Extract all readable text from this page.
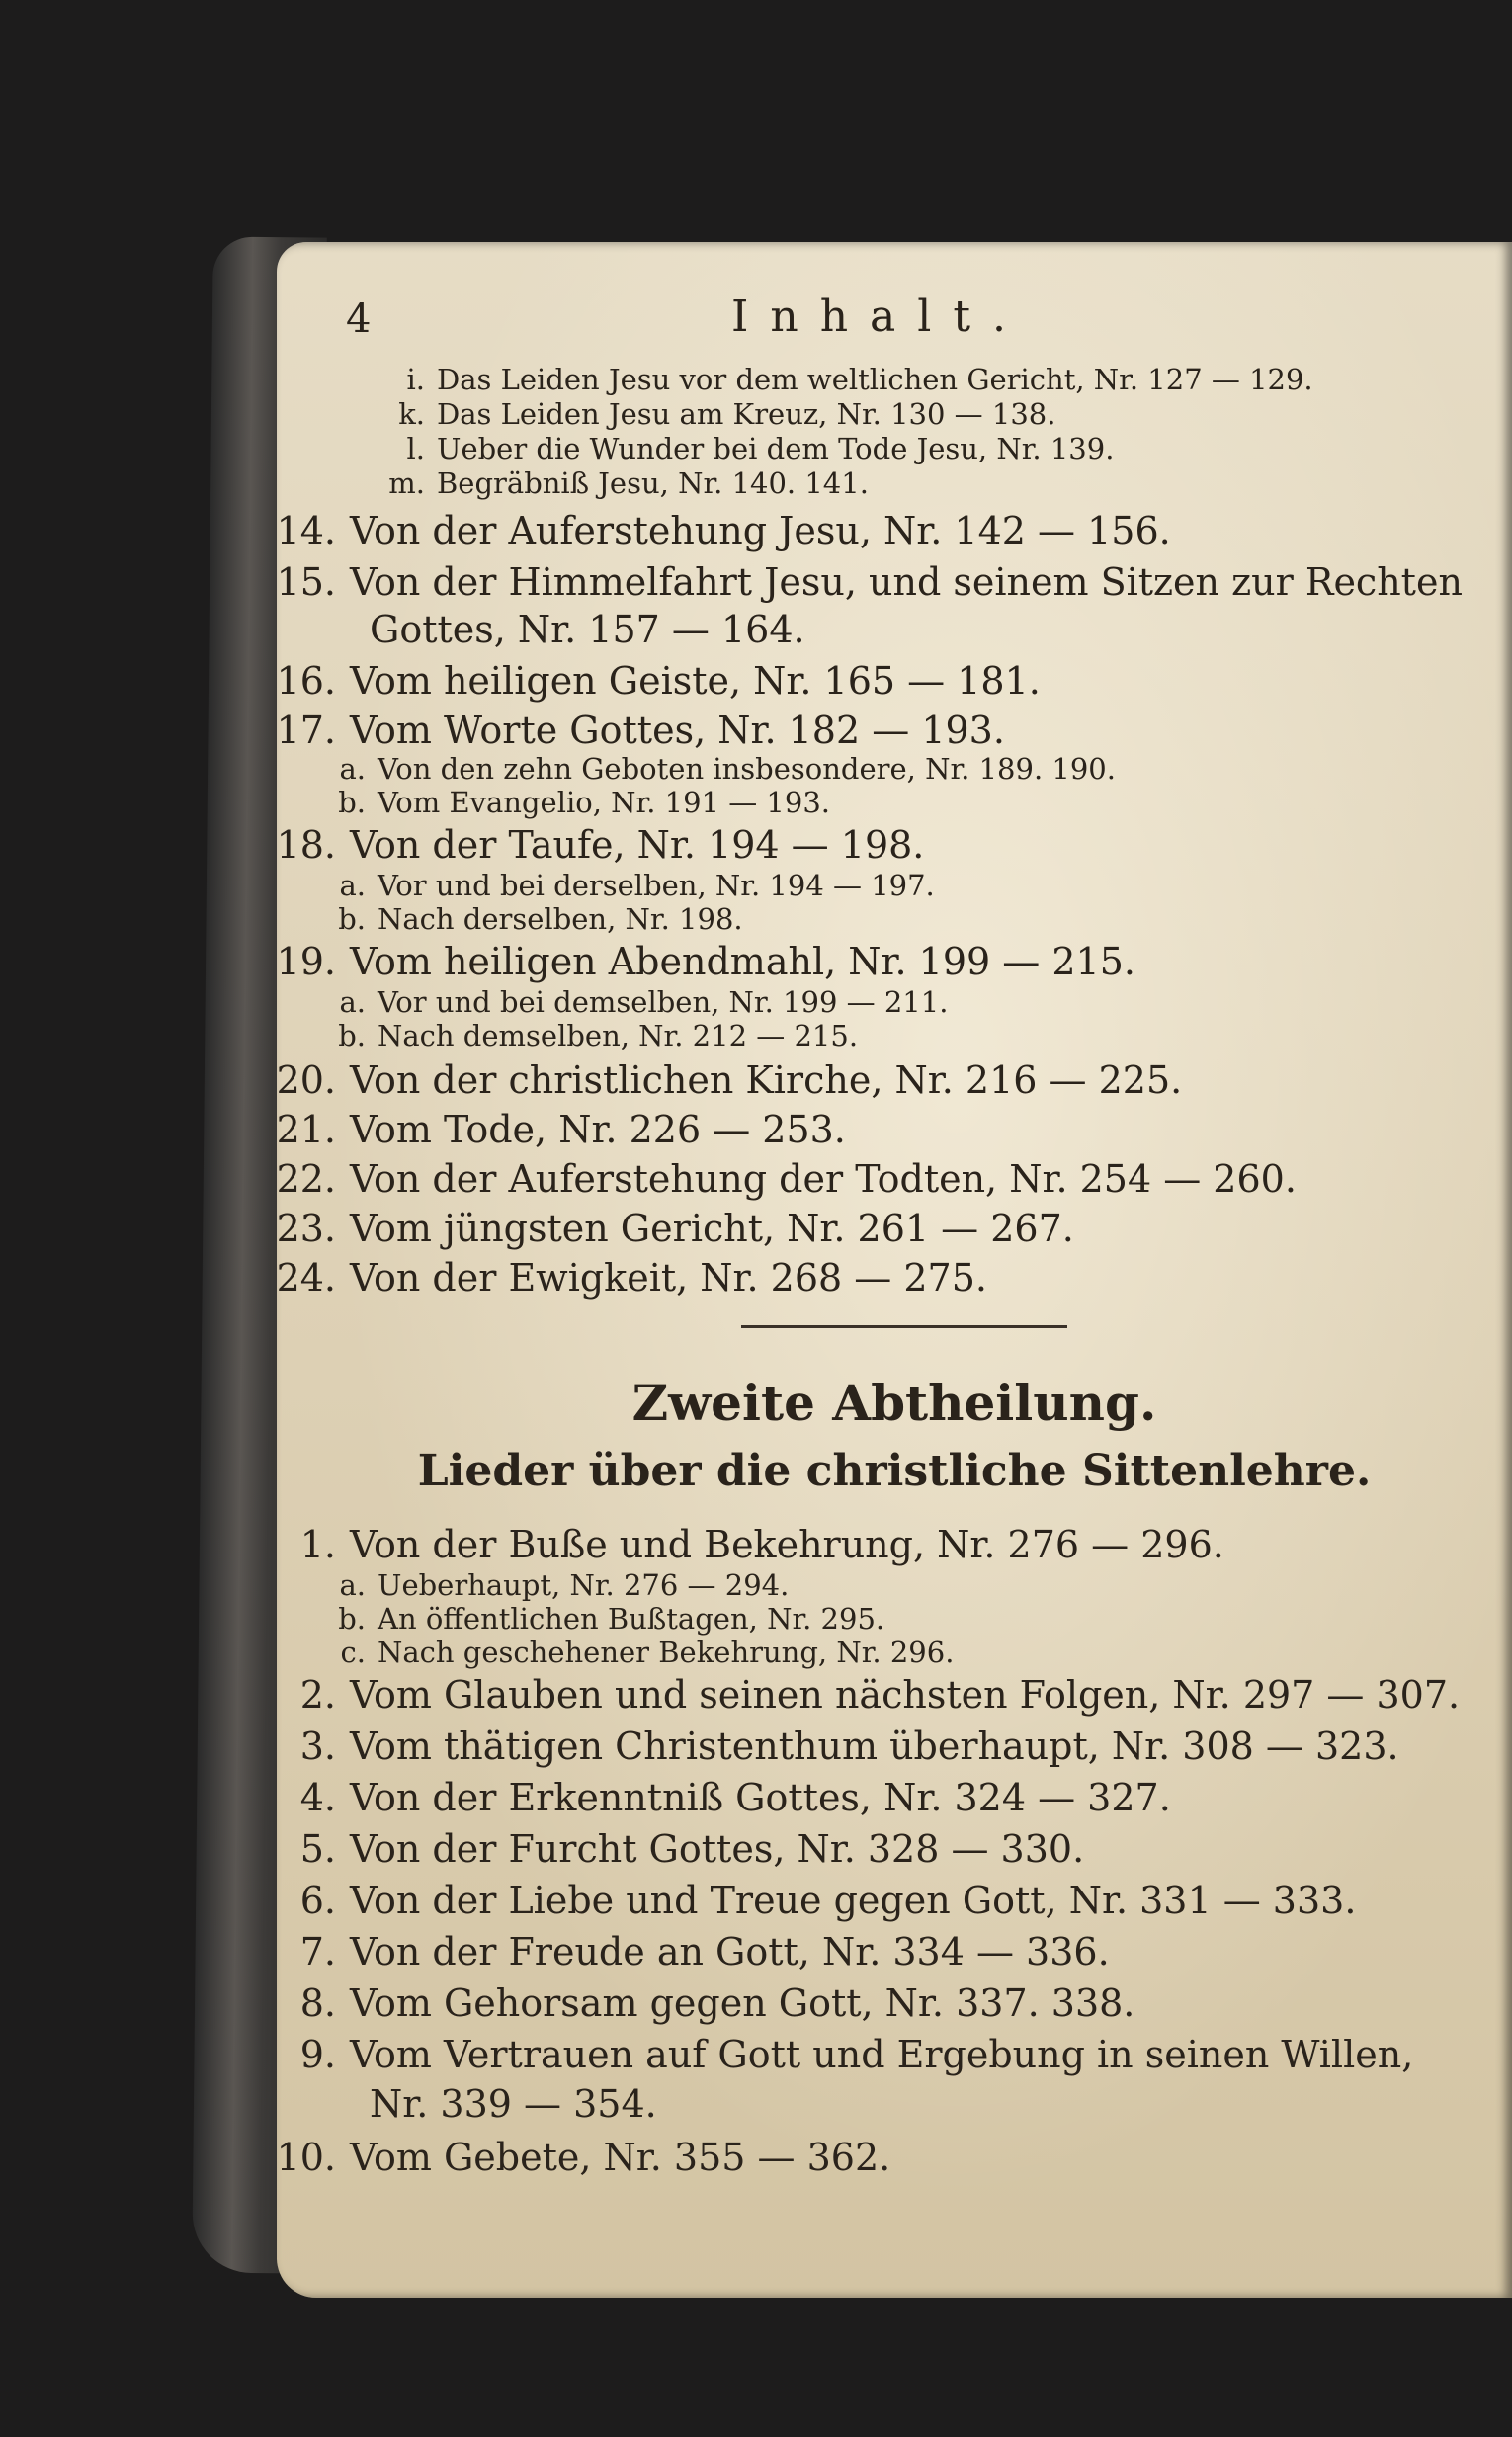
4	Inhalt.
i. Das Leiden Jesu vor dem weltlichen Gericht, Nr. 127 — 129.
k. Das Leiden Jesu am Kreuz, Nr. 130 — 138.
l. Ueber die Wunder bei dem Tode Jesu, Nr. 139.
m. Begräbniß Jesu, Nr. 140. 141.
14. Von der Auferstehung Jesu, Nr. 142 — 156.
15. Von der Himmelfahrt Jesu, und seinem Sitzen zur Rechten
Gottes, Nr. 157 — 164.
16. Vom heiligen Geiste, Nr. 165 — 181.
17. Vom Worte Gottes, Nr. 182 — 193.
a. Von den zehn Geboten insbesondere, Nr. 189. 190.
b. Vom Evangelio, Nr. 191 — 193.
18. Von der Taufe, Nr. 194 — 198.
a. Vor und bei derselben, Nr. 194 — 197.
b. Nach derselben, Nr. 198.
19. Vom heiligen Abendmahl, Nr. 199 — 215.
a. Vor und bei demselben, Nr. 199 — 211.
b. Nach demselben, Nr. 212 — 215.
20. Von der christlichen Kirche, Nr. 216 — 225.
21. Vom Tode, Nr. 226 — 253.
22. Von der Auferstehung der Todten, Nr. 254 — 260.
23. Vom jüngsten Gericht, Nr. 261 — 267.
24. Von der Ewigkeit, Nr. 268 — 275.
Zweite Abtheilung.
Lieder über die christliche Sittenlehre.
1. Von der Buße und Bekehrung, Nr. 276 — 296.
a. Ueberhaupt, Nr. 276 — 294.
b. An öffentlichen Bußtagen, Nr. 295.
c. Nach geschehener Bekehrung, Nr. 296.
2. Vom Glauben und seinen nächsten Folgen, Nr. 297 — 307.
3. Vom thätigen Christenthum überhaupt, Nr. 308 — 323.
4. Von der Erkenntniß Gottes, Nr. 324 — 327.
5. Von der Furcht Gottes, Nr. 328 — 330.
6. Von der Liebe und Treue gegen Gott, Nr. 331 — 333.
7. Von der Freude an Gott, Nr. 334 — 336.
8. Vom Gehorsam gegen Gott, Nr. 337. 338.
9. Vom Vertrauen auf Gott und Ergebung in seinen Willen,
Nr. 339 — 354.
10. Vom Gebete, Nr. 355 — 362.
